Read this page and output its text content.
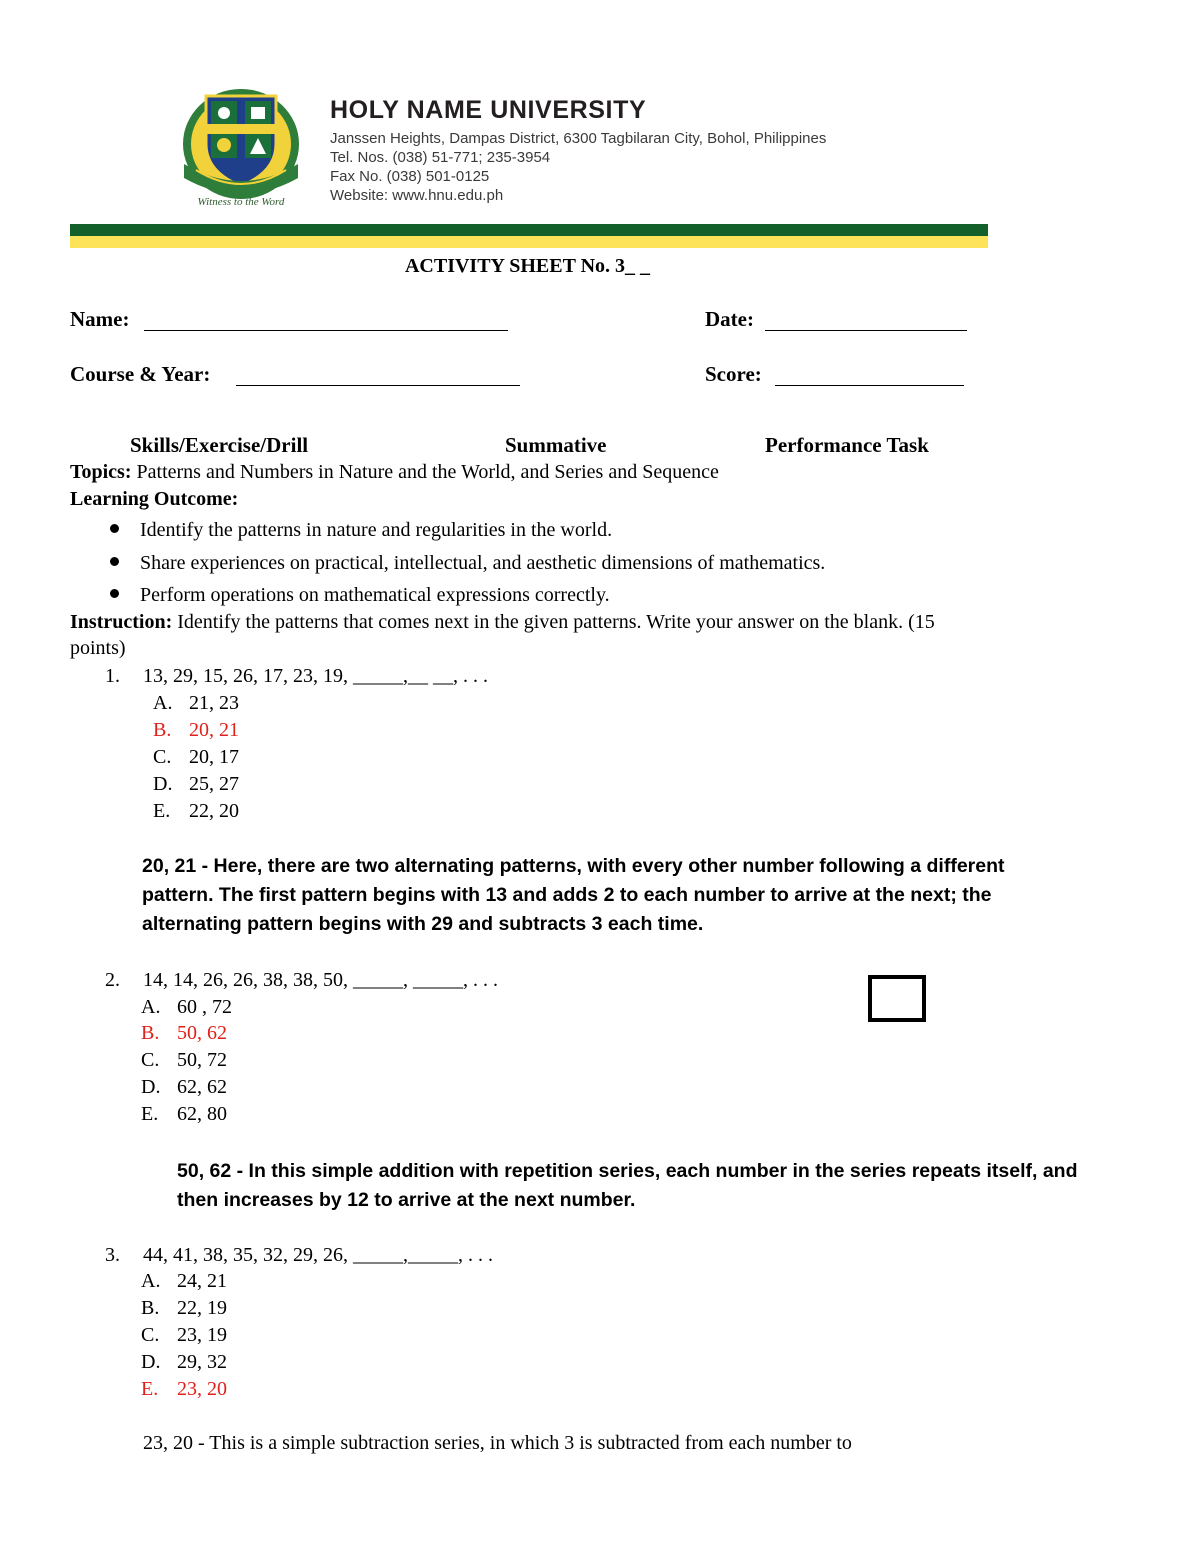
Witness to the Word
HOLY NAME UNIVERSITY
Janssen Heights, Dampas District, 6300 Tagbilaran City, Bohol, Philippines
Tel. Nos. (038) 51-771; 235-3954
Fax No. (038) 501-0125
Website: www.hnu.edu.ph
ACTIVITY SHEET No. 3_ _
Name:	Date:
Course & Year:	Score:
Skills/Exercise/Drill	Summative	Performance Task
Topics: Patterns and Numbers in Nature and the World, and Series and Sequence
Learning Outcome:
Identify the patterns in nature and regularities in the world.
Share experiences on practical, intellectual, and aesthetic dimensions of mathematics.
Perform operations on mathematical expressions correctly.
Instruction: Identify the patterns that comes next in the given patterns. Write your answer on the blank. (15
points)
1. 13, 29, 15, 26, 17, 23, 19, _____,__ __, . . .
A. 21, 23
B. 20, 21
C. 20, 17
D. 25, 27
E. 22, 20
20, 21 - Here, there are two alternating patterns, with every other number following a different
pattern. The first pattern begins with 13 and adds 2 to each number to arrive at the next; the
alternating pattern begins with 29 and subtracts 3 each time.
2. 14, 14, 26, 26, 38, 38, 50, _____, _____, . . .
A. 60 , 72
B. 50, 62
C. 50, 72
D. 62, 62
E. 62, 80
50, 62 - In this simple addition with repetition series, each number in the series repeats itself, and
then increases by 12 to arrive at the next number.
3. 44, 41, 38, 35, 32, 29, 26, _____,_____, . . .
A. 24, 21
B. 22, 19
C. 23, 19
D. 29, 32
E. 23, 20
23, 20 - This is a simple subtraction series, in which 3 is subtracted from each number to
